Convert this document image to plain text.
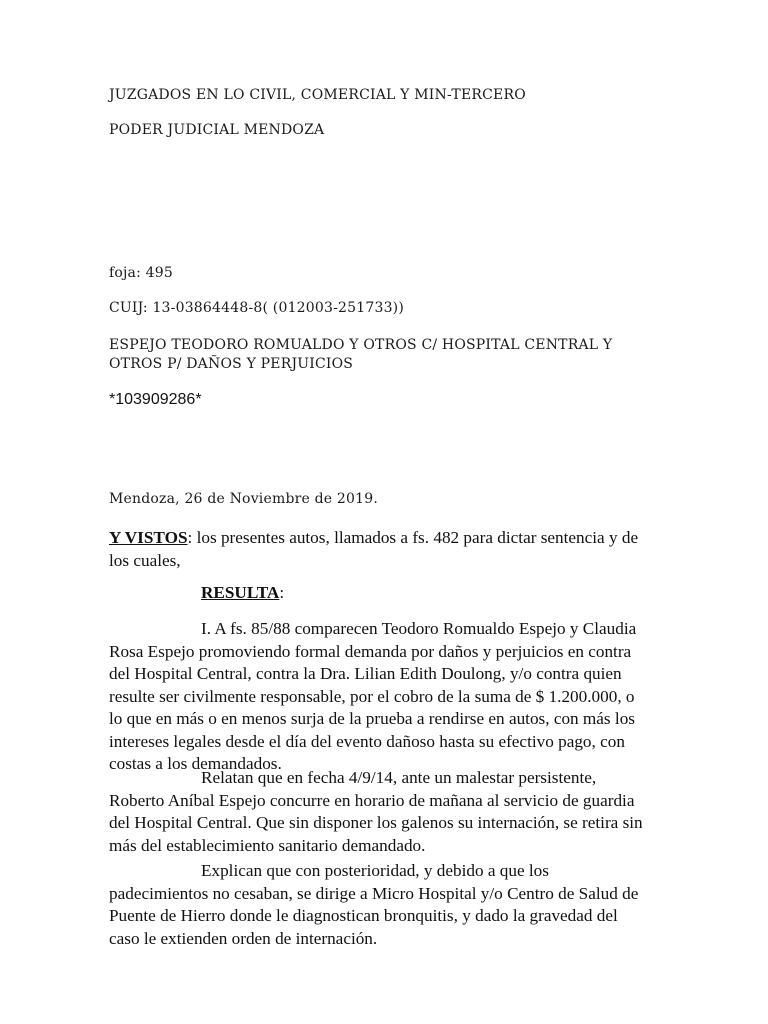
JUZGADOS EN LO CIVIL, COMERCIAL Y MIN-TERCERO

PODER JUDICIAL MENDOZA

foja: 495

CUIJ: 13-03864448-8( (012003-251733))

ESPEJO TEODORO ROMUALDO Y OTROS C/ HOSPITAL CENTRAL Y

OTROS P/ DAÑOS Y PERJUICIOS

*103909286*

Mendoza, 26 de Noviembre de 2019.

Y VISTOS: los presentes autos, llamados a fs. 482 para dictar sentencia y de
los cuales,
RESULTA:
I. A fs. 85/88 comparecen Teodoro Romualdo Espejo y Claudia
Rosa Espejo promoviendo formal demanda por daños y perjuicios en contra
del Hospital Central, contra la Dra. Lilian Edith Doulong, y/o contra quien
resulte ser civilmente responsable, por el cobro de la suma de $ 1.200.000, o
lo que en más o en menos surja de la prueba a rendirse en autos, con más los
intereses legales desde el día del evento dañoso hasta su efectivo pago, con
costas a los demandados.
Relatan que en fecha 4/9/14, ante un malestar persistente,
Roberto Aníbal Espejo concurre en horario de mañana al servicio de guardia
del Hospital Central. Que sin disponer los galenos su internación, se retira sin
más del establecimiento sanitario demandado.
Explican que con posterioridad, y debido a que los
padecimientos no cesaban, se dirige a Micro Hospital y/o Centro de Salud de
Puente de Hierro donde le diagnostican bronquitis, y dado la gravedad del
caso le extienden orden de internación.
